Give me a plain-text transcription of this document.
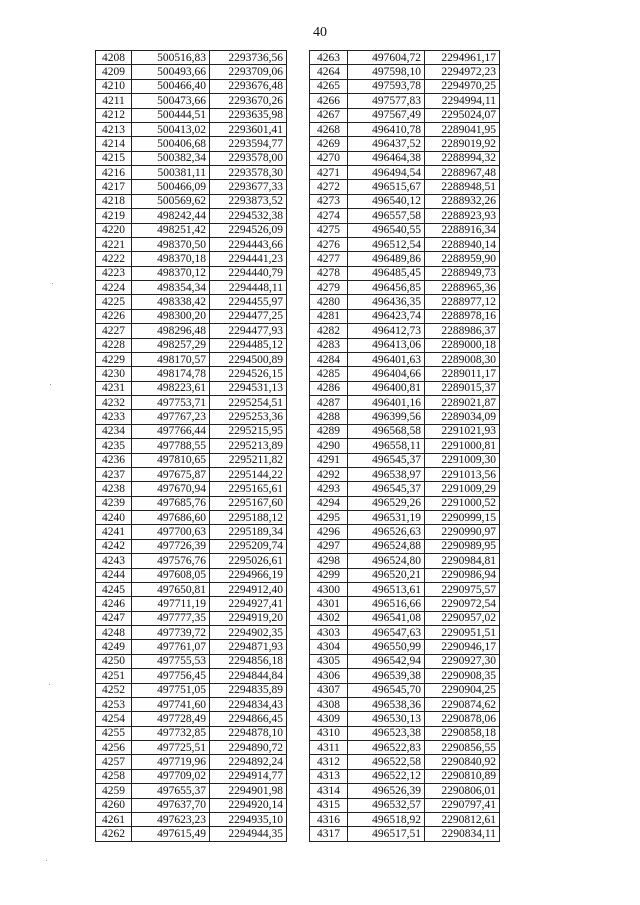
40
4208	500516,83	2293736,56
4209	500493,66	2293709,06
4210	500466,40	2293676,48
4211	500473,66	2293670,26
4212	500444,51	2293635,98
4213	500413,02	2293601,41
4214	500406,68	2293594,77
4215	500382,34	2293578,00
4216	500381,11	2293578,30
4217	500466,09	2293677,33
4218	500569,62	2293873,52
4219	498242,44	2294532,38
4220	498251,42	2294526,09
4221	498370,50	2294443,66
4222	498370,18	2294441,23
4223	498370,12	2294440,79
4224	498354,34	2294448,11
4225	498338,42	2294455,97
4226	498300,20	2294477,25
4227	498296,48	2294477,93
4228	498257,29	2294485,12
4229	498170,57	2294500,89
4230	498174,78	2294526,15
4231	498223,61	2294531,13
4232	497753,71	2295254,51
4233	497767,23	2295253,36
4234	497766,44	2295215,95
4235	497788,55	2295213,89
4236	497810,65	2295211,82
4237	497675,87	2295144,22
4238	497670,94	2295165,61
4239	497685,76	2295167,60
4240	497686,60	2295188,12
4241	497700,63	2295189,34
4242	497726,39	2295209,74
4243	497576,76	2295026,61
4244	497608,05	2294966,19
4245	497650,81	2294912,40
4246	497711,19	2294927,41
4247	497777,35	2294919,20
4248	497739,72	2294902,35
4249	497761,07	2294871,93
4250	497755,53	2294856,18
4251	497756,45	2294844,84
4252	497751,05	2294835,89
4253	497741,60	2294834,43
4254	497728,49	2294866,45
4255	497732,85	2294878,10
4256	497725,51	2294890,72
4257	497719,96	2294892,24
4258	497709,02	2294914,77
4259	497655,37	2294901,98
4260	497637,70	2294920,14
4261	497623,23	2294935,10
4262	497615,49	2294944,35
4263	497604,72	2294961,17
4264	497598,10	2294972,23
4265	497593,78	2294970,25
4266	497577,83	2294994,11
4267	497567,49	2295024,07
4268	496410,78	2289041,95
4269	496437,52	2289019,92
4270	496464,38	2288994,32
4271	496494,54	2288967,48
4272	496515,67	2288948,51
4273	496540,12	2288932,26
4274	496557,58	2288923,93
4275	496540,55	2288916,34
4276	496512,54	2288940,14
4277	496489,86	2288959,90
4278	496485,45	2288949,73
4279	496456,85	2288965,36
4280	496436,35	2288977,12
4281	496423,74	2288978,16
4282	496412,73	2288986,37
4283	496413,06	2289000,18
4284	496401,63	2289008,30
4285	496404,66	2289011,17
4286	496400,81	2289015,37
4287	496401,16	2289021,87
4288	496399,56	2289034,09
4289	496568,58	2291021,93
4290	496558,11	2291000,81
4291	496545,37	2291009,30
4292	496538,97	2291013,56
4293	496545,37	2291009,29
4294	496529,26	2291000,52
4295	496531,19	2290999,15
4296	496526,63	2290990,97
4297	496524,88	2290989,95
4298	496524,80	2290984,81
4299	496520,21	2290986,94
4300	496513,61	2290975,57
4301	496516,66	2290972,54
4302	496541,08	2290957,02
4303	496547,63	2290951,51
4304	496550,99	2290946,17
4305	496542,94	2290927,30
4306	496539,38	2290908,35
4307	496545,70	2290904,25
4308	496538,36	2290874,62
4309	496530,13	2290878,06
4310	496523,38	2290858,18
4311	496522,83	2290856,55
4312	496522,58	2290840,92
4313	496522,12	2290810,89
4314	496526,39	2290806,01
4315	496532,57	2290797,41
4316	496518,92	2290812,61
4317	496517,51	2290834,11
